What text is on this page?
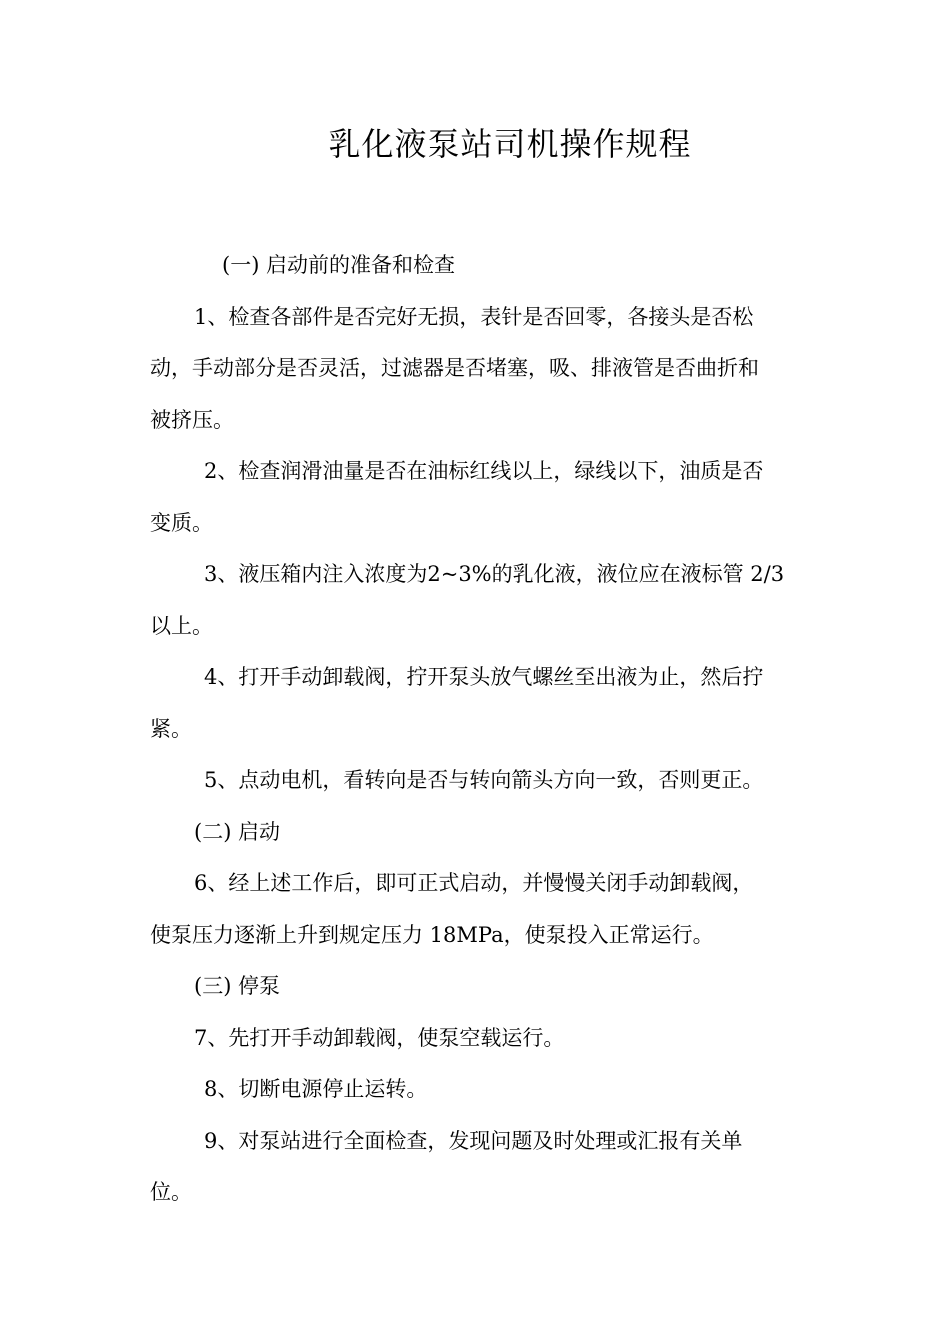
乳化液泵站司机操作规程

(一) 启动前的准备和检查

1、检查各部件是否完好无损，表针是否回零，各接头是否松

动，手动部分是否灵活，过滤器是否堵塞，吸、排液管是否曲折和

被挤压。

2、检查润滑油量是否在油标红线以上，绿线以下，油质是否

变质。

3、液压箱内注入浓度为2~3%的乳化液，液位应在液标管 2/3

以上。

4、打开手动卸载阀，拧开泵头放气螺丝至出液为止，然后拧

紧。

5、点动电机，看转向是否与转向箭头方向一致，否则更正。

(二) 启动

6、经上述工作后，即可正式启动，并慢慢关闭手动卸载阀，

使泵压力逐渐上升到规定压力 18MPa，使泵投入正常运行。

(三) 停泵

7、先打开手动卸载阀，使泵空载运行。

8、切断电源停止运转。

9、对泵站进行全面检查，发现问题及时处理或汇报有关单

位。
